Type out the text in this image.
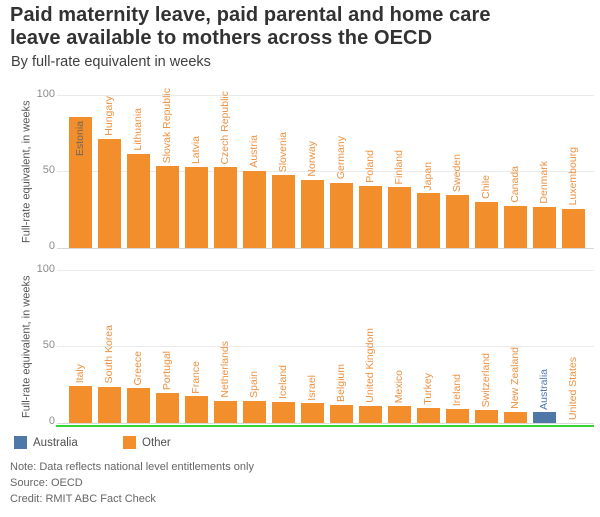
Paid maternity leave, paid parental and home care leave available to mothers across the OECD
By full-rate equivalent in weeks
0
50
100
Full-rate equivalent, in weeks	Estonia
Hungary Lithuania Slovak Republic Latvia Czech Republic Austria Slovenia Norway Germany Poland Finland Japan Sweden Chile Canada Denmark Luxembourg
0
50
100
Full-rate equivalent, in weeks	Italy South Korea Greece Portugal France Netherlands Spain Iceland Israel Belgium United Kingdom Mexico Turkey Ireland Switzerland New Zealand Australia United States
Australia	Other
Note: Data reflects national level entitlements only
Source: OECD
Credit: RMIT ABC Fact Check
